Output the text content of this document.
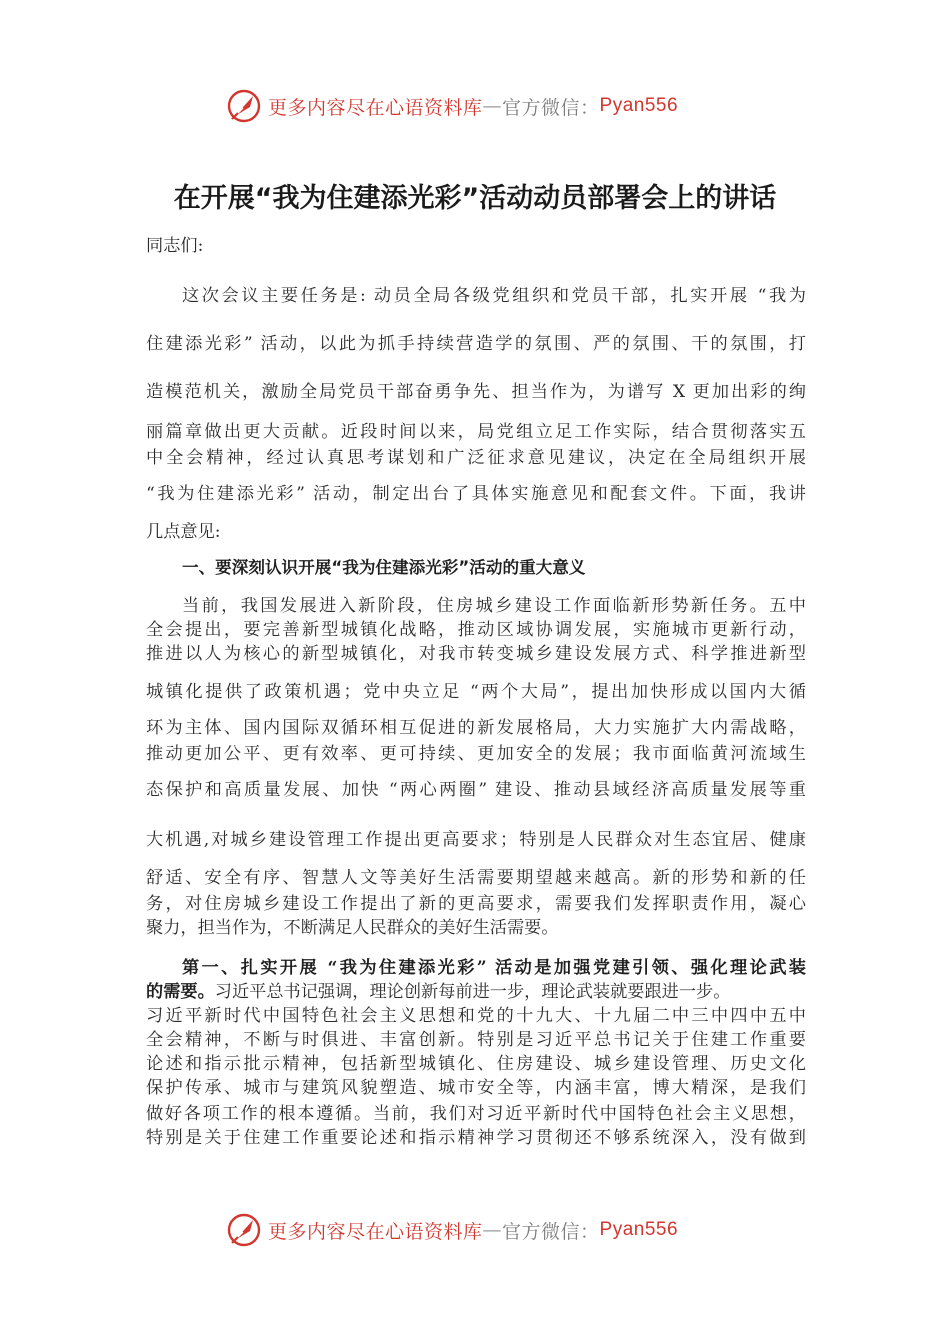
更多内容尽在心语资料库 — 官方微信： Pyan556
在开展“我为住建添光彩”活动动员部署会上的讲话
同志们:
这次会议主要任务是: 动员全局各级党组织和党员干部，扎实开展 “我为
住建添光彩” 活动，以此为抓手持续营造学的氛围、严的氛围、干的氛围，打
造模范机关，激励全局党员干部奋勇争先、担当作为，为谱写 X 更加出彩的绚
丽篇章做出更大贡献。近段时间以来，局党组立足工作实际，结合贯彻落实五
中全会精神，经过认真思考谋划和广泛征求意见建议，决定在全局组织开展
“我为住建添光彩” 活动，制定出台了具体实施意见和配套文件。下面，我讲
几点意见:
一、要深刻认识开展“我为住建添光彩”活动的重大意义
当前，我国发展进入新阶段，住房城乡建设工作面临新形势新任务。五中
全会提出，要完善新型城镇化战略，推动区域协调发展，实施城市更新行动，
推进以人为核心的新型城镇化，对我市转变城乡建设发展方式、科学推进新型
城镇化提供了政策机遇；党中央立足 “两个大局”，提出加快形成以国内大循
环为主体、国内国际双循环相互促进的新发展格局，大力实施扩大内需战略，
推动更加公平、更有效率、更可持续、更加安全的发展；我市面临黄河流域生
态保护和高质量发展、加快 “两心两圈” 建设、推动县域经济高质量发展等重
大机遇,对城乡建设管理工作提出更高要求；特别是人民群众对生态宜居、健康
舒适、安全有序、智慧人文等美好生活需要期望越来越高。新的形势和新的任
务，对住房城乡建设工作提出了新的更高要求，需要我们发挥职责作用，凝心
聚力，担当作为，不断满足人民群众的美好生活需要。
第一、扎实开展 “我为住建添光彩” 活动是加强党建引领、强化理论武装
的需要。习近平总书记强调，理论创新每前进一步，理论武装就要跟进一步。
习近平新时代中国特色社会主义思想和党的十九大、十九届二中三中四中五中
全会精神，不断与时俱进、丰富创新。特别是习近平总书记关于住建工作重要
论述和指示批示精神，包括新型城镇化、住房建设、城乡建设管理、历史文化
保护传承、城市与建筑风貌塑造、城市安全等，内涵丰富，博大精深，是我们
做好各项工作的根本遵循。当前，我们对习近平新时代中国特色社会主义思想，
特别是关于住建工作重要论述和指示精神学习贯彻还不够系统深入，没有做到
更多内容尽在心语资料库 — 官方微信： Pyan556
